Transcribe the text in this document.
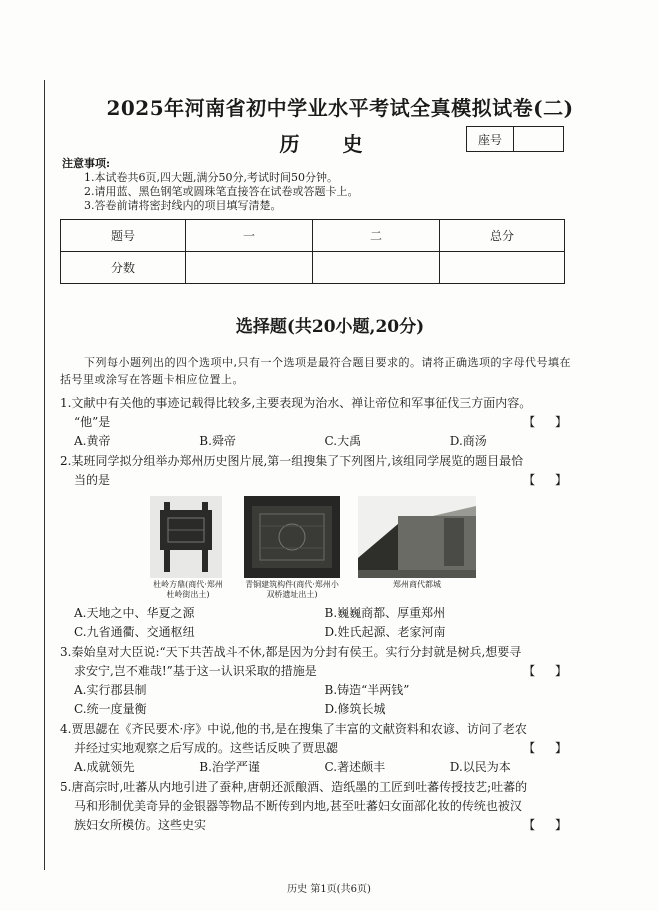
2025年河南省初中学业水平考试全真模拟试卷(二)
历 史	座号
注意事项:
1.本试卷共6页,四大题,满分50分,考试时间50分钟。
2.请用蓝、黑色钢笔或圆珠笔直接答在试卷或答题卡上。
3.答卷前请将密封线内的项目填写清楚。
题号	一	二	总分
分数			
选择题(共20小题,20分)
下列每小题列出的四个选项中,只有一个选项是最符合题目要求的。请将正确选项的字母代号填在括号里或涂写在答题卡相应位置上。
1.文献中有关他的事迹记载得比较多,主要表现为治水、禅让帝位和军事征伐三方面内容。
“他”是	【 】
A.黄帝	B.舜帝	C.大禹	D.商汤
2.某班同学拟分组举办郑州历史图片展,第一组搜集了下列图片,该组同学展览的题目最恰
当的是	【 】
杜岭方鼎(商代·郑州杜岭街出土)
青铜建筑构件(商代·郑州小双桥遗址出土)
郑州商代都城
A.天地之中、华夏之源	B.巍巍商都、厚重郑州
C.九省通衢、交通枢纽	D.姓氏起源、老家河南
3.秦始皇对大臣说:“天下共苦战斗不休,都是因为分封有侯王。实行分封就是树兵,想要寻
求安宁,岂不难哉!”基于这一认识采取的措施是	【 】
A.实行郡县制	B.铸造“半两钱”
C.统一度量衡	D.修筑长城
4.贾思勰在《齐民要术·序》中说,他的书,是在搜集了丰富的文献资料和农谚、访问了老农
并经过实地观察之后写成的。这些话反映了贾思勰	【 】
A.成就领先	B.治学严谨	C.著述颇丰	D.以民为本
5.唐高宗时,吐蕃从内地引进了蚕种,唐朝还派酿酒、造纸墨的工匠到吐蕃传授技艺;吐蕃的
马和形制优美奇异的金银器等物品不断传到内地,甚至吐蕃妇女面部化妆的传统也被汉
族妇女所模仿。这些史实	【 】
历史 第1页(共6页)
